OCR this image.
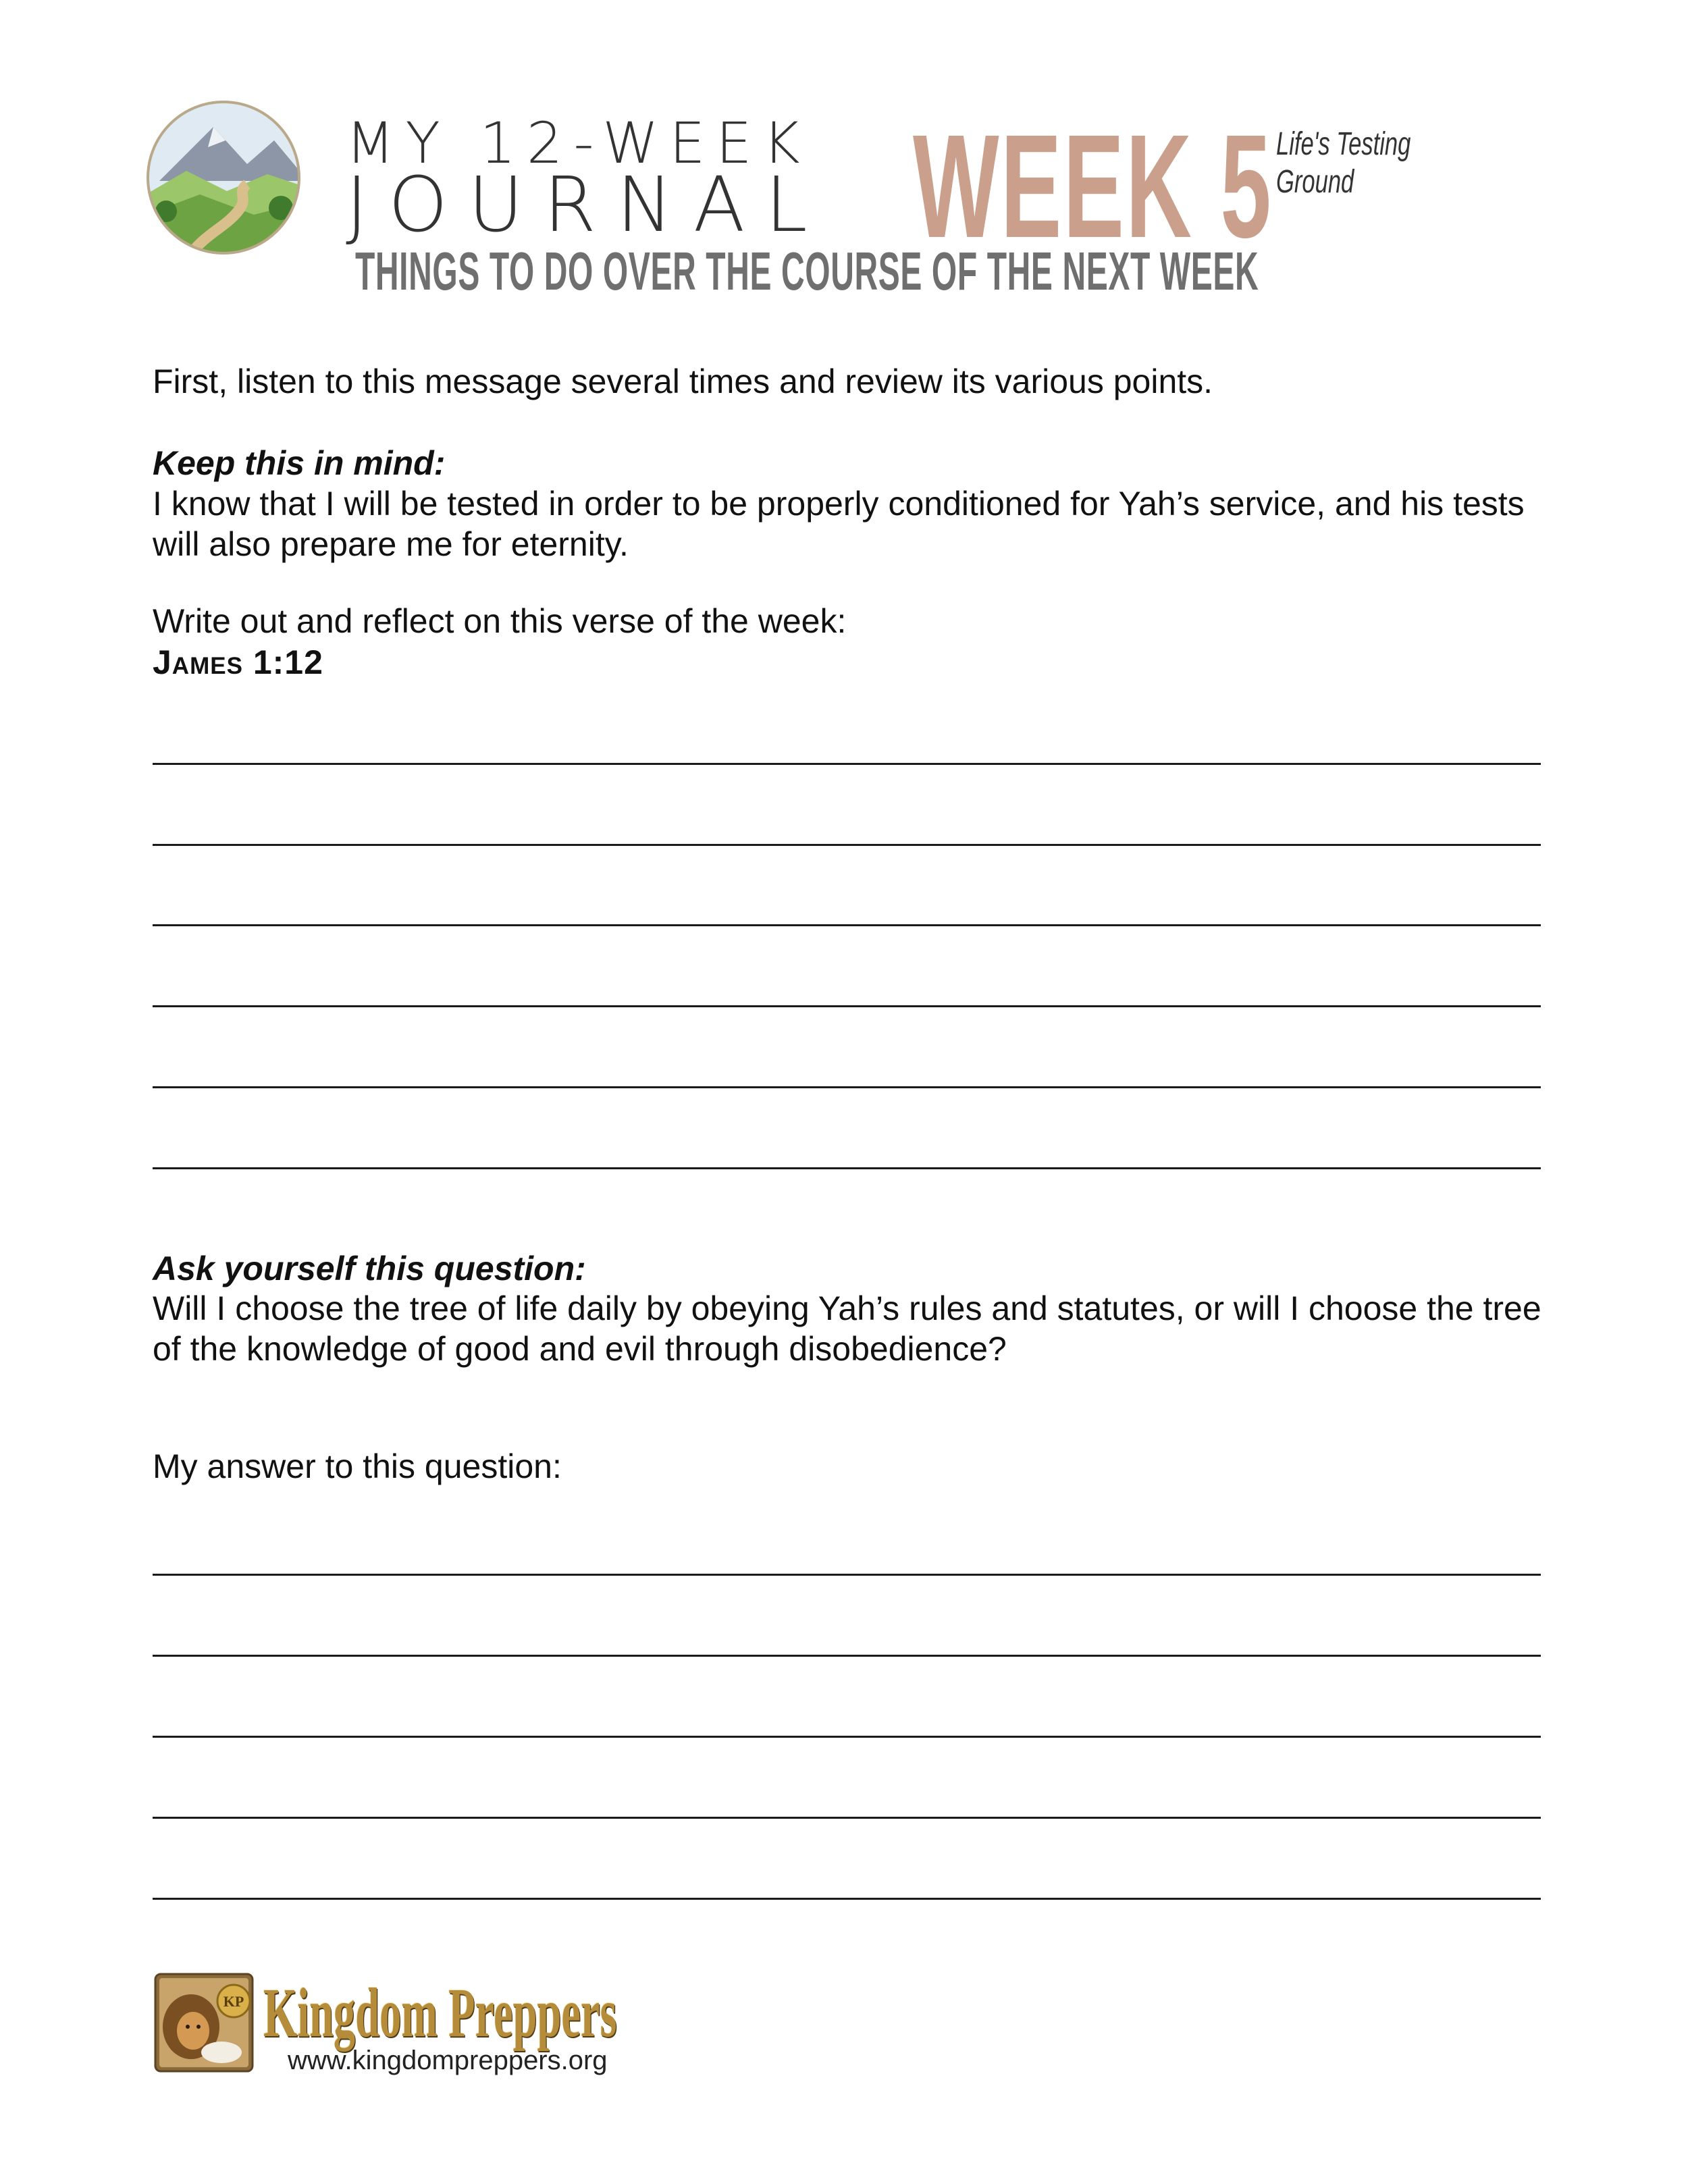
MY 12-WEEK
JOURNAL WEEK 5 Life's Testing
Ground
THINGS TO DO OVER THE COURSE OF THE NEXT WEEK
First, listen to this message several times and review its various points.
Keep this in mind:
I know that I will be tested in order to be properly conditioned for Yah’s service, and his tests will also prepare me for eternity.
Write out and reflect on this verse of the week:
James 1:12
Ask yourself this question:
Will I choose the tree of life daily by obeying Yah’s rules and statutes, or will I choose the tree of the knowledge of good and evil through disobedience?
My answer to this question:
KP Kingdom Preppers
www.kingdompreppers.org
